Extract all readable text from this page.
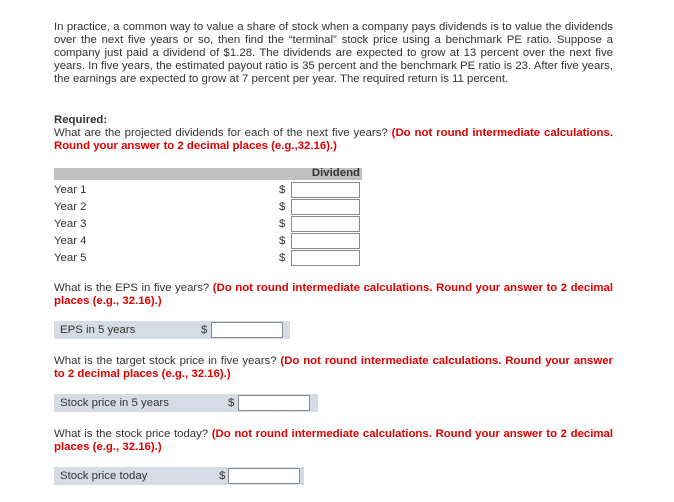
In practice, a common way to value a share of stock when a company pays dividends is to value the dividends over the next five years or so, then find the “terminal” stock price using a benchmark PE ratio. Suppose a company just paid a dividend of $1.28. The dividends are expected to grow at 13 percent over the next five years. In five years, the estimated payout ratio is 35 percent and the benchmark PE ratio is 23. After five years, the earnings are expected to grow at 7 percent per year. The required return is 11 percent.

Required:
What are the projected dividends for each of the next five years? (Do not round intermediate calculations. Round your answer to 2 decimal places (e.g.,32.16).)

Dividend
Year 1	$
Year 2	$
Year 3	$
Year 4	$
Year 5	$

What is the EPS in five years? (Do not round intermediate calculations. Round your answer to 2 decimal places (e.g., 32.16).)

EPS in 5 years	$

What is the target stock price in five years? (Do not round intermediate calculations. Round your answer to 2 decimal places (e.g., 32.16).)

Stock price in 5 years	$

What is the stock price today? (Do not round intermediate calculations. Round your answer to 2 decimal places (e.g., 32.16).)

Stock price today	$
